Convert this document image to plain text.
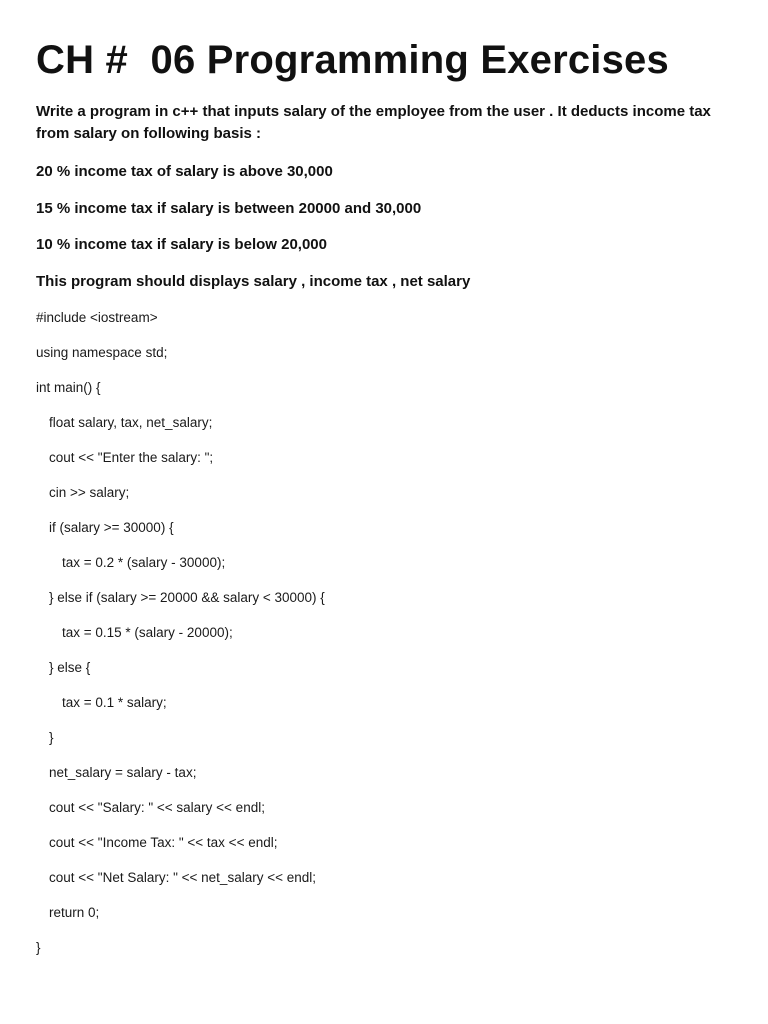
CH #  06 Programming Exercises

Write a program in c++ that inputs salary of the employee from the user . It deducts income tax from salary on following basis :

20 % income tax of salary is above 30,000

15 % income tax if salary is between 20000 and 30,000

10 % income tax if salary is below 20,000

This program should displays salary , income tax , net salary

#include <iostream>

using namespace std;

int main() {

float salary, tax, net_salary;

cout << "Enter the salary: ";

cin >> salary;

if (salary >= 30000) {

tax = 0.2 * (salary - 30000);

} else if (salary >= 20000 && salary < 30000) {

tax = 0.15 * (salary - 20000);

} else {

tax = 0.1 * salary;

}

net_salary = salary - tax;

cout << "Salary: " << salary << endl;

cout << "Income Tax: " << tax << endl;

cout << "Net Salary: " << net_salary << endl;

return 0;

}
